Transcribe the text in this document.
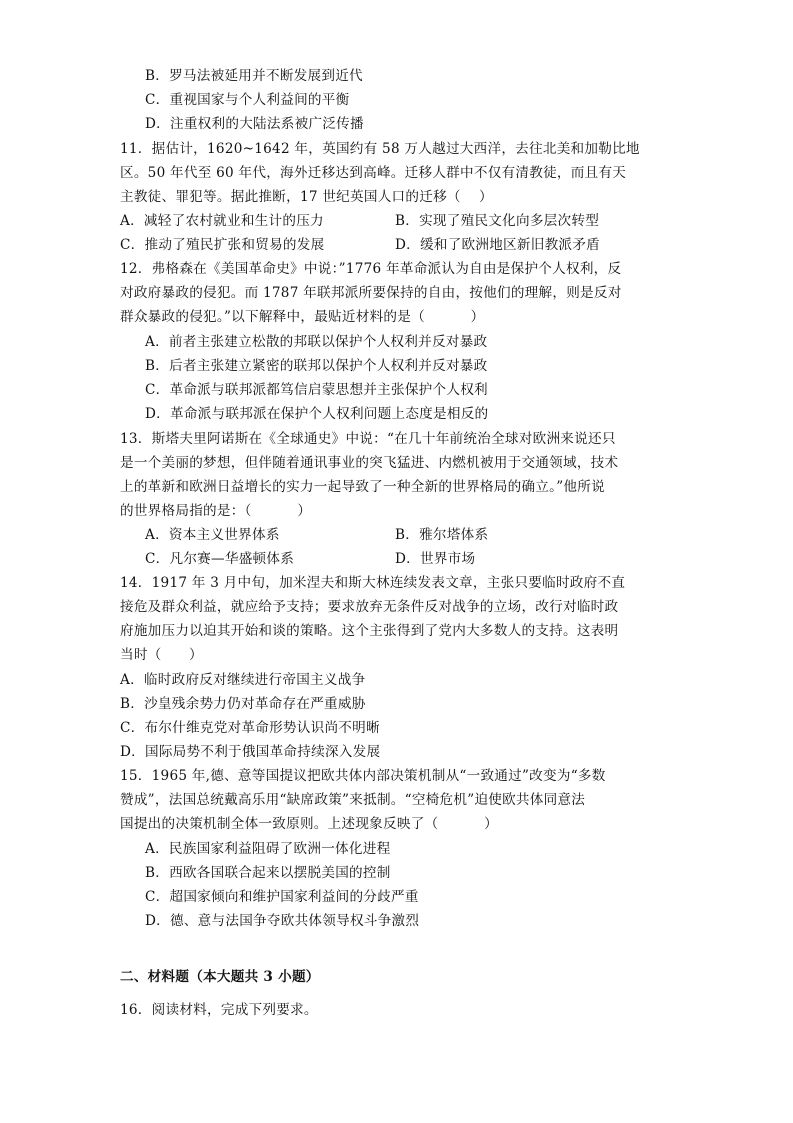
B．罗马法被延用并不断发展到近代
C．重视国家与个人利益间的平衡
D．注重权利的大陆法系被广泛传播
11．据估计，1620~1642 年，英国约有 58 万人越过大西洋，去往北美和加勒比地
区。50 年代至 60 年代，海外迁移达到高峰。迁移人群中不仅有清教徒，而且有天
主教徒、罪犯等。据此推断，17 世纪英国人口的迁移（    ）
A．减轻了农村就业和生计的压力	B．实现了殖民文化向多层次转型
C．推动了殖民扩张和贸易的发展	D．缓和了欧洲地区新旧教派矛盾
12．弗格森在《美国革命史》中说：”1776 年革命派认为自由是保护个人权利，反
对政府暴政的侵犯。而 1787 年联邦派所要保持的自由，按他们的理解，则是反对
群众暴政的侵犯。”以下解释中，最贴近材料的是（          ）
A．前者主张建立松散的邦联以保护个人权利并反对暴政
B．后者主张建立紧密的联邦以保护个人权利并反对暴政
C．革命派与联邦派都笃信启蒙思想并主张保护个人权利
D．革命派与联邦派在保护个人权利问题上态度是相反的
13．斯塔夫里阿诺斯在《全球通史》中说：“在几十年前统治全球对欧洲来说还只
是一个美丽的梦想，但伴随着通讯事业的突飞猛进、内燃机被用于交通领域，技术
上的革新和欧洲日益增长的实力一起导致了一种全新的世界格局的确立。”他所说
的世界格局指的是：（          ）
A．资本主义世界体系	B．雅尔塔体系
C．凡尔赛—华盛顿体系	D．世界市场
14．1917 年 3 月中旬，加米涅夫和斯大林连续发表文章，主张只要临时政府不直
接危及群众利益，就应给予支持；要求放弃无条件反对战争的立场，改行对临时政
府施加压力以迫其开始和谈的策略。这个主张得到了党内大多数人的支持。这表明
当时（      ）
A．临时政府反对继续进行帝国主义战争
B．沙皇残余势力仍对革命存在严重威胁
C．布尔什维克党对革命形势认识尚不明晰
D．国际局势不利于俄国革命持续深入发展
15．1965 年,德、意等国提议把欧共体内部决策机制从“一致通过”改变为“多数
赞成”，法国总统戴高乐用“缺席政策”来抵制。“空椅危机”迫使欧共体同意法
国提出的决策机制全体一致原则。上述现象反映了（          ）
A．民族国家利益阻碍了欧洲一体化进程
B．西欧各国联合起来以摆脱美国的控制
C．超国家倾向和维护国家利益间的分歧严重
D．德、意与法国争夺欧共体领导权斗争激烈
二、材料题（本大题共 3 小题）
16．阅读材料，完成下列要求。
